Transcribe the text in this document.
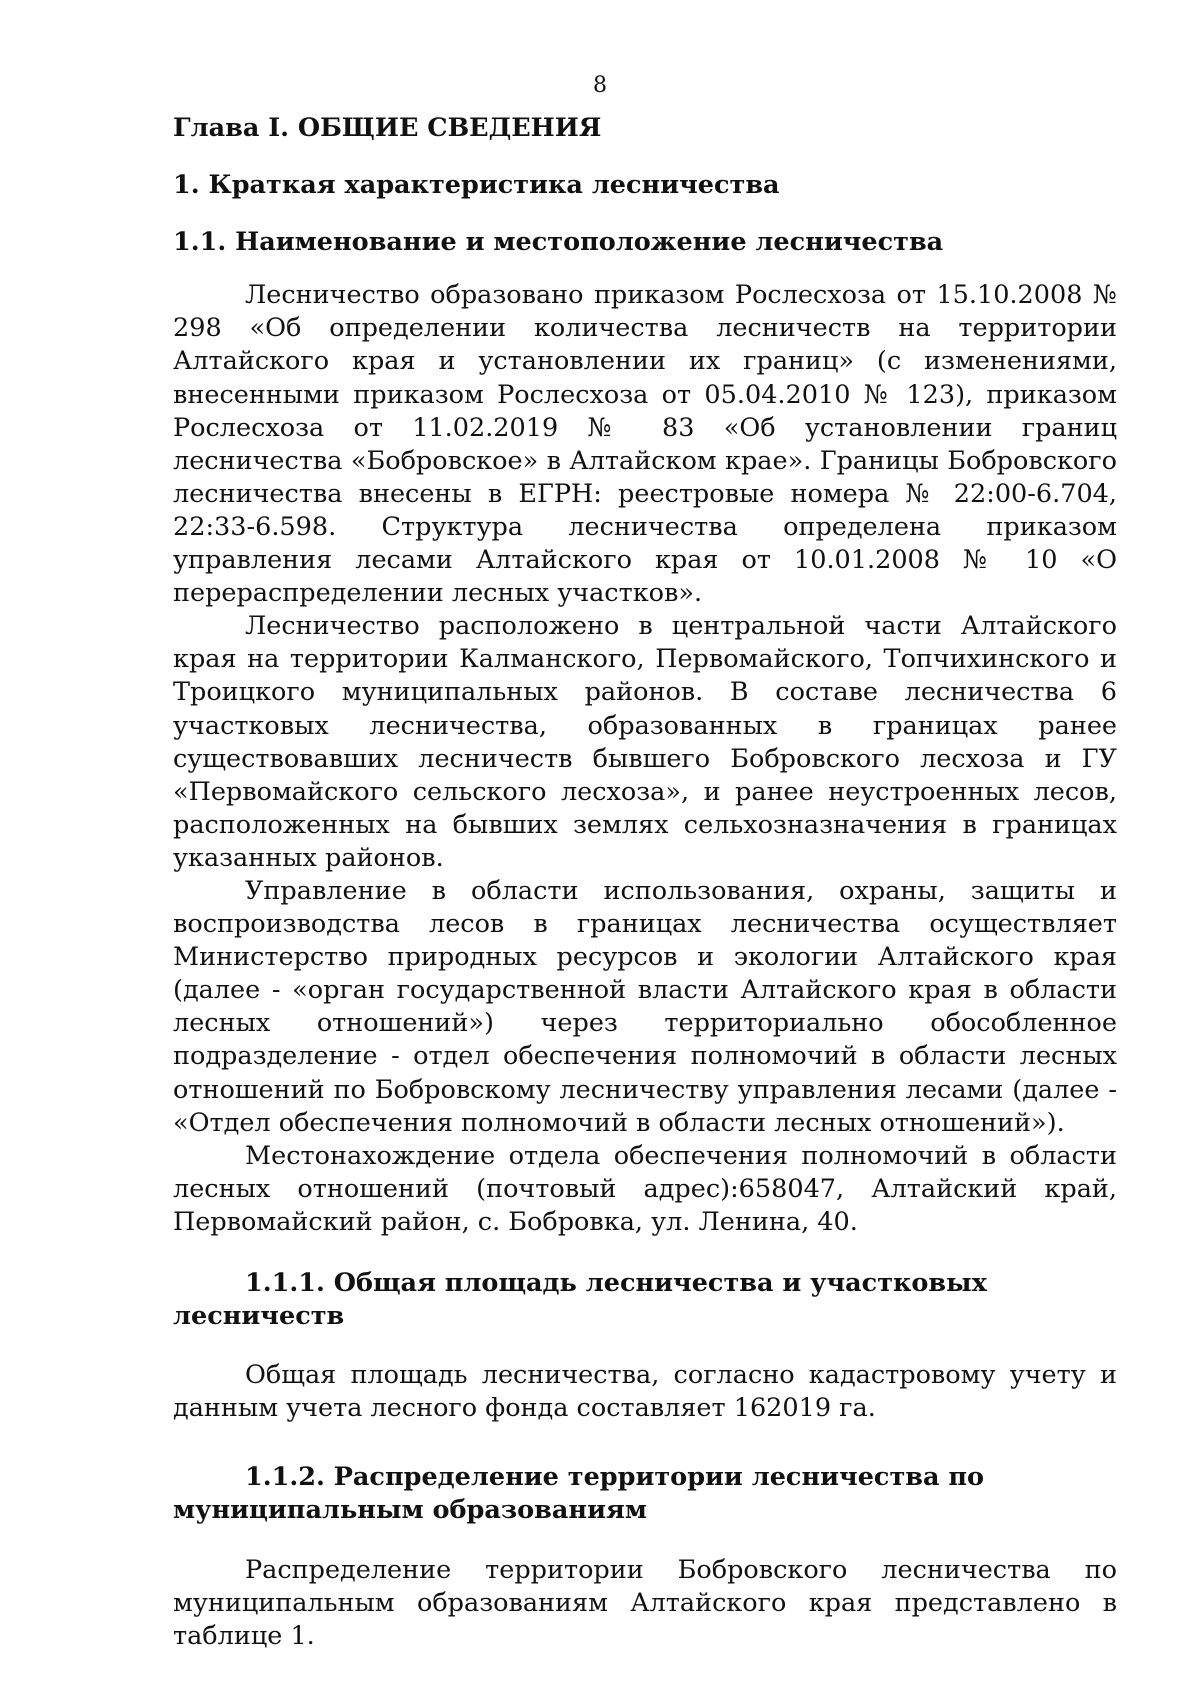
8

Глава I. ОБЩИЕ СВЕДЕНИЯ

1. Краткая характеристика лесничества

1.1. Наименование и местоположение лесничества

Лесничество образовано приказом Рослесхоза от 15.10.2008 № 298 «Об определении количества лесничеств на территории Алтайского края и установлении их границ» (с изменениями, внесенными приказом Рослесхоза от 05.04.2010 № 123), приказом Рослесхоза от 11.02.2019 № 83 «Об установлении границ лесничества «Бобровское» в Алтайском крае». Границы Бобровского лесничества внесены в ЕГРН: реестровые номера № 22:00-6.704, 22:33-6.598. Структура лесничества определена приказом управления лесами Алтайского края от 10.01.2008 № 10 «О перераспределении лесных участков».

Лесничество расположено в центральной части Алтайского края на территории Калманского, Первомайского, Топчихинского и Троицкого муниципальных районов. В составе лесничества 6 участковых лесничества, образованных в границах ранее существовавших лесничеств бывшего Бобровского лесхоза и ГУ «Первомайского сельского лесхоза», и ранее неустроенных лесов, расположенных на бывших землях сельхозназначения в границах указанных районов.

Управление в области использования, охраны, защиты и воспроизводства лесов в границах лесничества осуществляет Министерство природных ресурсов и экологии Алтайского края (далее - «орган государственной власти Алтайского края в области лесных отношений») через территориально обособленное подразделение - отдел обеспечения полномочий в области лесных отношений по Бобровскому лесничеству управления лесами (далее - «Отдел обеспечения полномочий в области лесных отношений»).

Местонахождение отдела обеспечения полномочий в области лесных отношений (почтовый адрес):658047, Алтайский край, Первомайский район, с. Бобровка, ул. Ленина, 40.

1.1.1. Общая площадь лесничества и участковых лесничеств

Общая площадь лесничества, согласно кадастровому учету и данным учета лесного фонда составляет 162019 га.

1.1.2. Распределение территории лесничества по муниципальным образованиям

Распределение территории Бобровского лесничества по муниципальным образованиям Алтайского края представлено в таблице 1.
